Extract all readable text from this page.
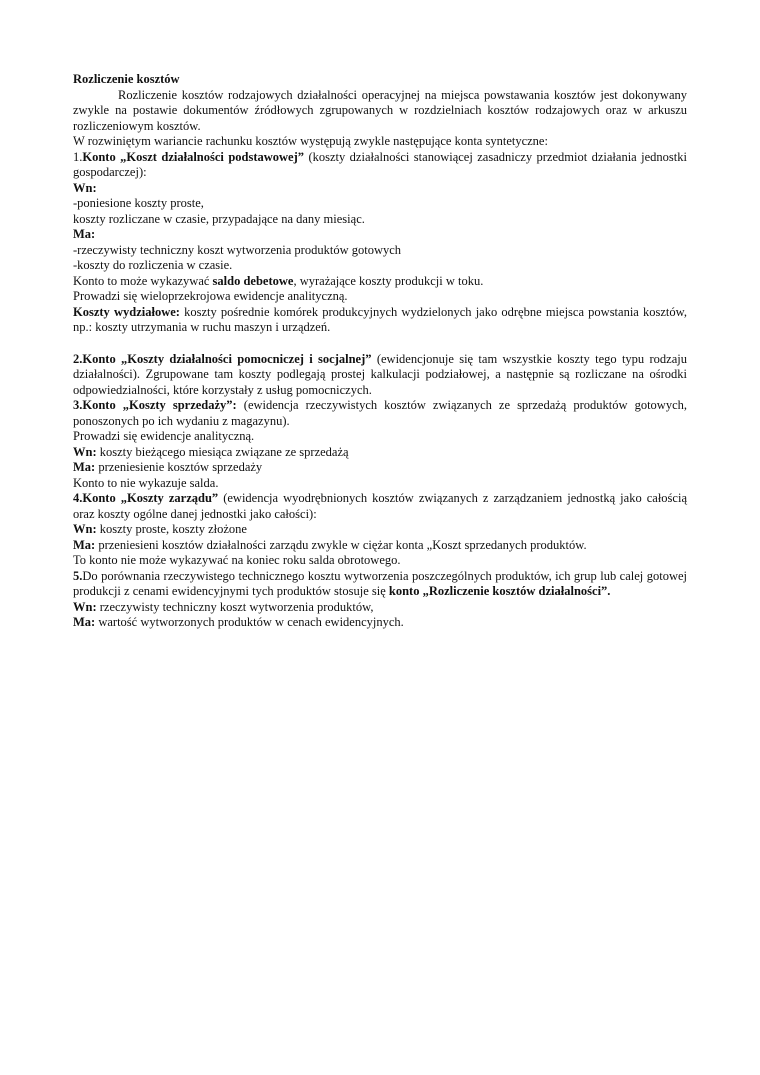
Rozliczenie kosztów

Rozliczenie kosztów rodzajowych działalności operacyjnej na miejsca powstawania kosztów jest dokonywany zwykle na postawie dokumentów źródłowych zgrupowanych w rozdzielniach kosztów rodzajowych oraz w arkuszu rozliczeniowym kosztów.

W rozwiniętym wariancie rachunku kosztów występują zwykle następujące konta syntetyczne:

1.Konto „Koszt działalności podstawowej” (koszty działalności stanowiącej zasadniczy przedmiot działania jednostki gospodarczej):

Wn:

-poniesione koszty proste,

koszty rozliczane w czasie, przypadające na dany miesiąc.

Ma:

-rzeczywisty techniczny koszt wytworzenia produktów gotowych

-koszty do rozliczenia w czasie.

Konto to może wykazywać saldo debetowe, wyrażające koszty produkcji w toku.

Prowadzi się wieloprzekrojowa ewidencje analityczną.

Koszty wydziałowe: koszty pośrednie komórek produkcyjnych wydzielonych jako odrębne miejsca powstania kosztów, np.: koszty utrzymania w ruchu maszyn i urządzeń.

2.Konto „Koszty działalności pomocniczej i socjalnej” (ewidencjonuje się tam wszystkie koszty tego typu rodzaju działalności). Zgrupowane tam koszty podlegają prostej kalkulacji podziałowej, a następnie są rozliczane na ośrodki odpowiedzialności, które korzystały z usług pomocniczych.

3.Konto „Koszty sprzedaży”: (ewidencja rzeczywistych kosztów związanych ze sprzedażą produktów gotowych, ponoszonych po ich wydaniu z magazynu).

Prowadzi się ewidencje analityczną.

Wn: koszty bieżącego miesiąca związane ze sprzedażą

Ma: przeniesienie kosztów sprzedaży

Konto to nie wykazuje salda.

4.Konto „Koszty zarządu” (ewidencja wyodrębnionych kosztów związanych z zarządzaniem jednostką jako całością oraz koszty ogólne danej jednostki jako całości):

Wn: koszty proste, koszty złożone

Ma: przeniesieni kosztów działalności zarządu zwykle w ciężar konta „Koszt sprzedanych produktów.

To konto nie może wykazywać na koniec roku salda obrotowego.

5.Do porównania rzeczywistego technicznego kosztu wytworzenia poszczególnych produktów, ich grup lub calej gotowej produkcji z cenami ewidencyjnymi tych produktów stosuje się konto „Rozliczenie kosztów działalności”.

Wn: rzeczywisty techniczny koszt wytworzenia produktów,

Ma: wartość wytworzonych produktów w cenach ewidencyjnych.
